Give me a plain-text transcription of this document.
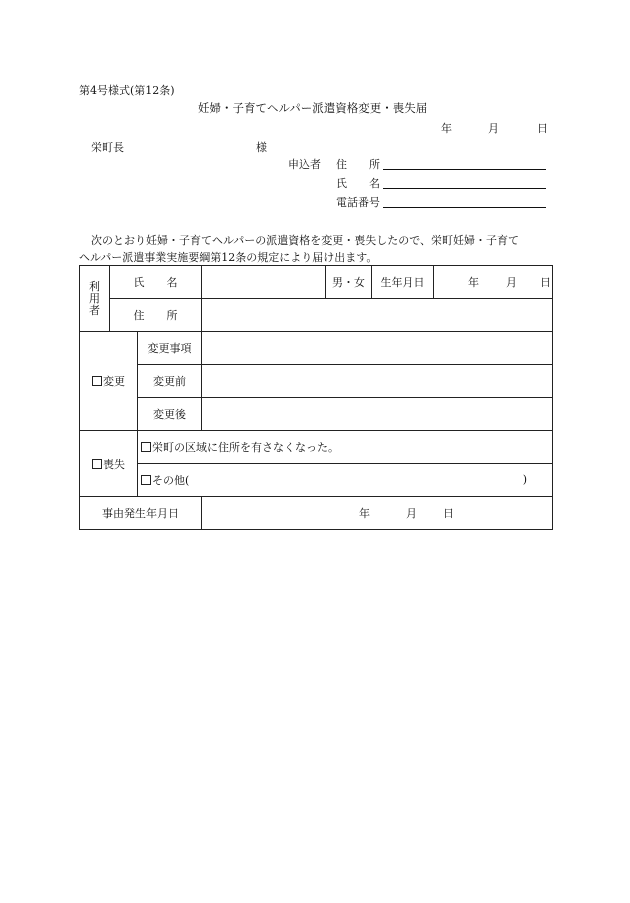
第4号様式(第12条)
妊婦・子育てヘルパー派遣資格変更・喪失届
年	月	日
栄町長	様
申込者 住　　所
氏　　名
電話番号
次のとおり妊婦・子育てヘルパーの派遣資格を変更・喪失したので、栄町妊婦・子育て
ヘルパー派遣事業実施要綱第12条の規定により届け出ます。
利用者	氏　　名			男・女	生年月日	年 月 日
	住　　所					
変更		変更事項				
		変更前				
		変更後				
喪失		栄町の区域に住所を有さなくなった。				
		その他( )				

事由発生年月日			年 月 日			
